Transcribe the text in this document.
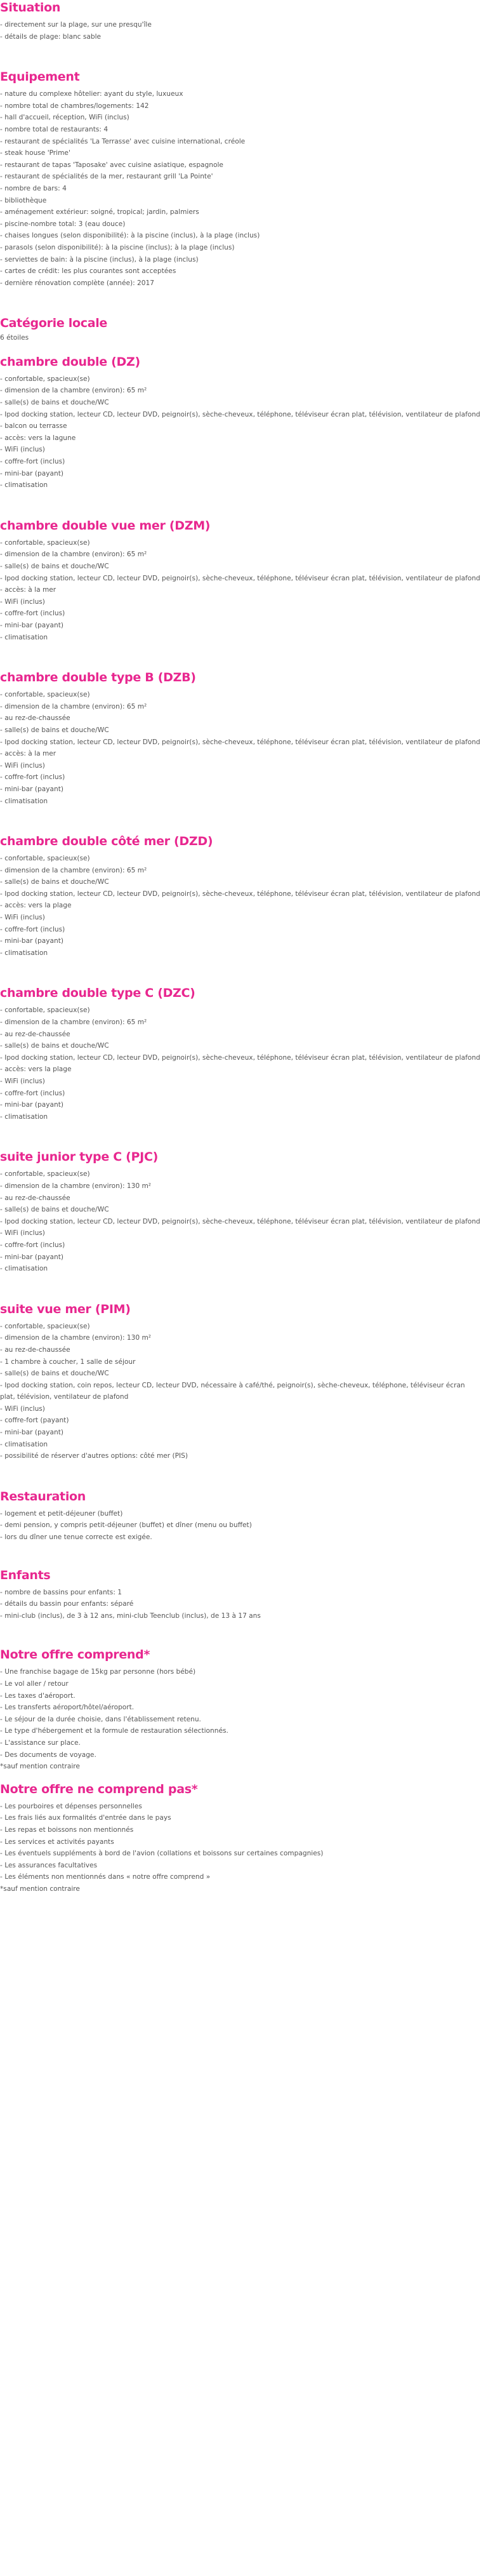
Situation
- directement sur la plage, sur une presqu'île
- détails de plage: blanc sable
Equipement
- nature du complexe hôtelier: ayant du style, luxueux
- nombre total de chambres/logements: 142
- hall d'accueil, réception, WiFi (inclus)
- nombre total de restaurants: 4
- restaurant de spécialités 'La Terrasse' avec cuisine international, créole
- steak house 'Prime'
- restaurant de tapas 'Taposake' avec cuisine asiatique, espagnole
- restaurant de spécialités de la mer, restaurant grill 'La Pointe'
- nombre de bars: 4
- bibliothèque
- aménagement extérieur: soigné, tropical; jardin, palmiers
- piscine-nombre total: 3 (eau douce)
- chaises longues (selon disponibilité): à la piscine (inclus), à la plage (inclus)
- parasols (selon disponibilité): à la piscine (inclus); à la plage (inclus)
- serviettes de bain: à la piscine (inclus), à la plage (inclus)
- cartes de crédit: les plus courantes sont acceptées
- dernière rénovation complète (année): 2017
Catégorie locale
6 étoiles
chambre double (DZ)
- confortable, spacieux(se)
- dimension de la chambre (environ): 65 m²
- salle(s) de bains et douche/WC
- Ipod docking station, lecteur CD, lecteur DVD, peignoir(s), sèche-cheveux, téléphone, téléviseur écran plat, télévision, ventilateur de plafond
- balcon ou terrasse
- accès: vers la lagune
- WiFi (inclus)
- coffre-fort (inclus)
- mini-bar (payant)
- climatisation
chambre double vue mer (DZM)
- confortable, spacieux(se)
- dimension de la chambre (environ): 65 m²
- salle(s) de bains et douche/WC
- Ipod docking station, lecteur CD, lecteur DVD, peignoir(s), sèche-cheveux, téléphone, téléviseur écran plat, télévision, ventilateur de plafond
- accès: à la mer
- WiFi (inclus)
- coffre-fort (inclus)
- mini-bar (payant)
- climatisation
chambre double type B (DZB)
- confortable, spacieux(se)
- dimension de la chambre (environ): 65 m²
- au rez-de-chaussée
- salle(s) de bains et douche/WC
- Ipod docking station, lecteur CD, lecteur DVD, peignoir(s), sèche-cheveux, téléphone, téléviseur écran plat, télévision, ventilateur de plafond
- accès: à la mer
- WiFi (inclus)
- coffre-fort (inclus)
- mini-bar (payant)
- climatisation
chambre double côté mer (DZD)
- confortable, spacieux(se)
- dimension de la chambre (environ): 65 m²
- salle(s) de bains et douche/WC
- Ipod docking station, lecteur CD, lecteur DVD, peignoir(s), sèche-cheveux, téléphone, téléviseur écran plat, télévision, ventilateur de plafond
- accès: vers la plage
- WiFi (inclus)
- coffre-fort (inclus)
- mini-bar (payant)
- climatisation
chambre double type C (DZC)
- confortable, spacieux(se)
- dimension de la chambre (environ): 65 m²
- au rez-de-chaussée
- salle(s) de bains et douche/WC
- Ipod docking station, lecteur CD, lecteur DVD, peignoir(s), sèche-cheveux, téléphone, téléviseur écran plat, télévision, ventilateur de plafond
- accès: vers la plage
- WiFi (inclus)
- coffre-fort (inclus)
- mini-bar (payant)
- climatisation
suite junior type C (PJC)
- confortable, spacieux(se)
- dimension de la chambre (environ): 130 m²
- au rez-de-chaussée
- salle(s) de bains et douche/WC
- Ipod docking station, lecteur CD, lecteur DVD, peignoir(s), sèche-cheveux, téléphone, téléviseur écran plat, télévision, ventilateur de plafond
- WiFi (inclus)
- coffre-fort (inclus)
- mini-bar (payant)
- climatisation
suite vue mer (PIM)
- confortable, spacieux(se)
- dimension de la chambre (environ): 130 m²
- au rez-de-chaussée
- 1 chambre à coucher, 1 salle de séjour
- salle(s) de bains et douche/WC
- Ipod docking station, coin repos, lecteur CD, lecteur DVD, nécessaire à café/thé, peignoir(s), sèche-cheveux, téléphone, téléviseur écran plat, télévision, ventilateur de plafond
- WiFi (inclus)
- coffre-fort (payant)
- mini-bar (payant)
- climatisation
- possibilité de réserver d'autres options: côté mer (PIS)
Restauration
- logement et petit-déjeuner (buffet)
- demi pension, y compris petit-déjeuner (buffet) et dîner (menu ou buffet)
- lors du dîner une tenue correcte est exigée.
Enfants
- nombre de bassins pour enfants: 1
- détails du bassin pour enfants: séparé
- mini-club (inclus), de 3 à 12 ans, mini-club Teenclub (inclus), de 13 à 17 ans
Notre offre comprend*
- Une franchise bagage de 15kg par personne (hors bébé)
- Le vol aller / retour
- Les taxes d'aéroport.
- Les transferts aéroport/hôtel/aéroport.
- Le séjour de la durée choisie, dans l'établissement retenu.
- Le type d'hébergement et la formule de restauration sélectionnés.
- L'assistance sur place.
- Des documents de voyage.
*sauf mention contraire
Notre offre ne comprend pas*
- Les pourboires et dépenses personnelles
- Les frais liés aux formalités d'entrée dans le pays
- Les repas et boissons non mentionnés
- Les services et activités payants
- Les éventuels suppléments à bord de l'avion (collations et boissons sur certaines compagnies)
- Les assurances facultatives
- Les éléments non mentionnés dans « notre offre comprend »
*sauf mention contraire
